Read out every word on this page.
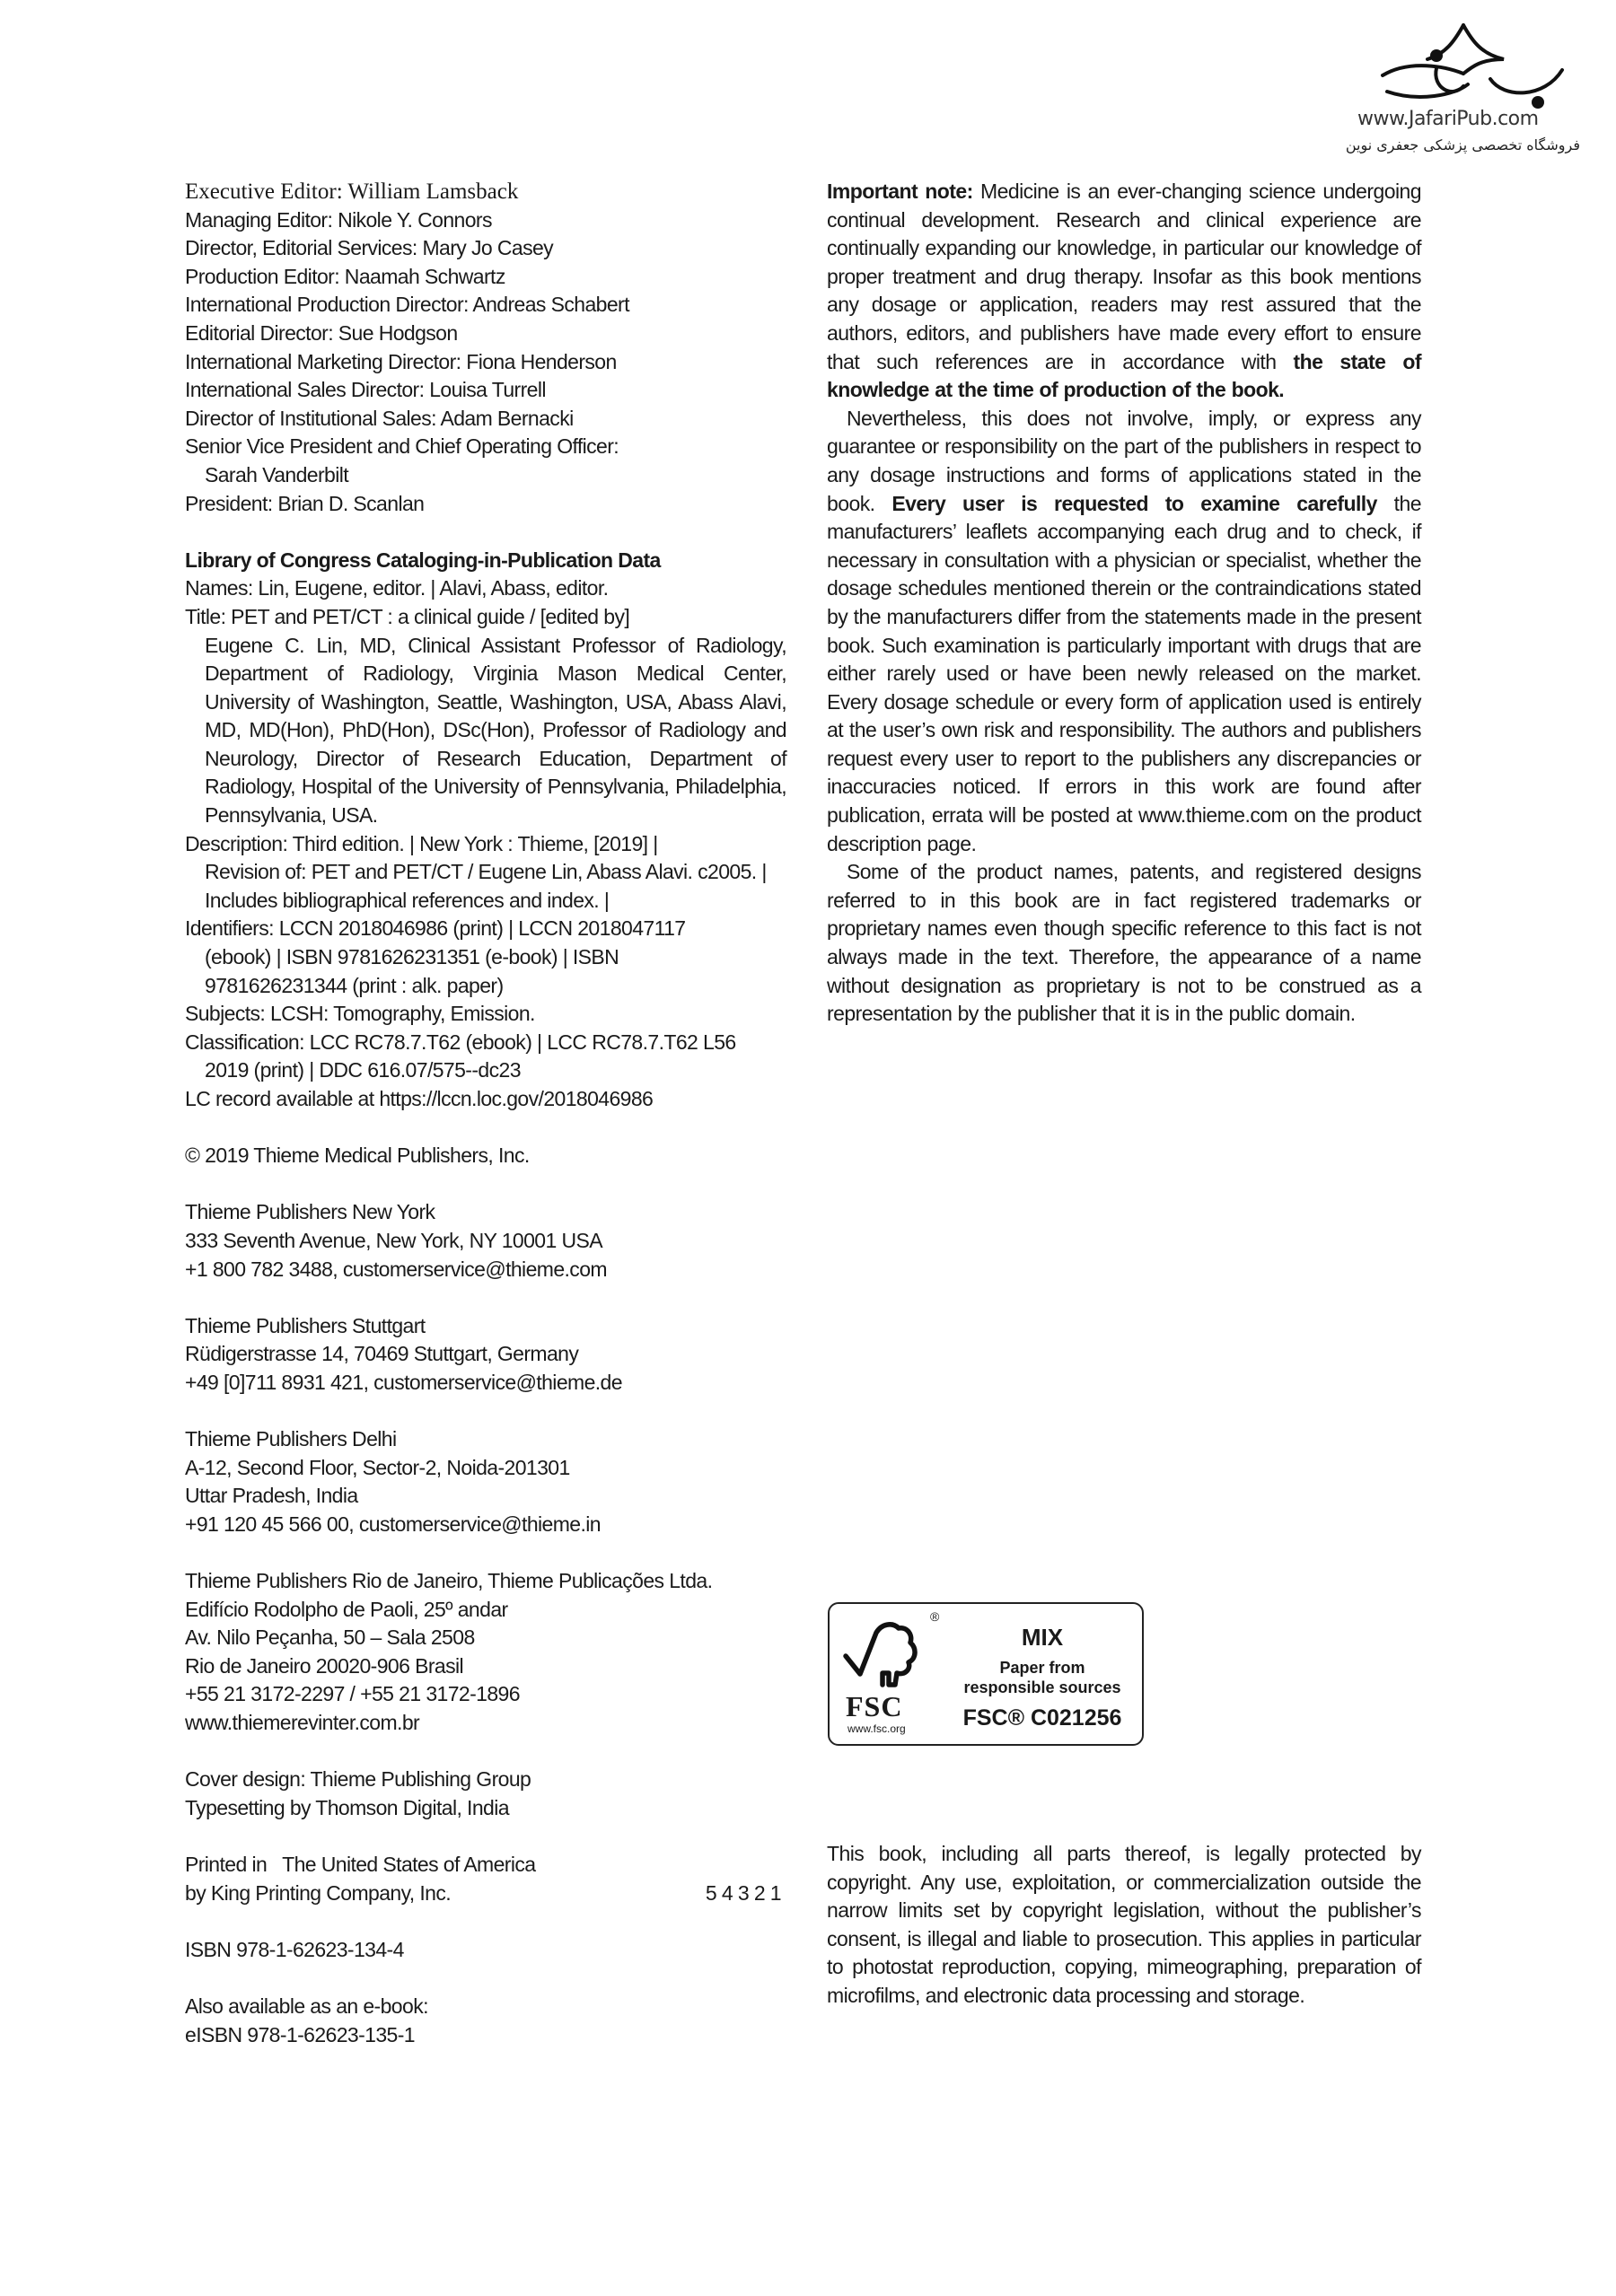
www.JafariPub.com
فروشگاه تخصصی پزشکی جعفری نوین
Executive Editor: William Lamsback
Managing Editor: Nikole Y. Connors
Director, Editorial Services: Mary Jo Casey
Production Editor: Naamah Schwartz
International Production Director: Andreas Schabert
Editorial Director: Sue Hodgson
International Marketing Director: Fiona Henderson
International Sales Director: Louisa Turrell
Director of Institutional Sales: Adam Bernacki
Senior Vice President and Chief Operating Officer:
Sarah Vanderbilt
President: Brian D. Scanlan
Library of Congress Cataloging-in-Publication Data
Names: Lin, Eugene, editor. | Alavi, Abass, editor.
Title: PET and PET/CT : a clinical guide / [edited by]
Eugene C. Lin, MD, Clinical Assistant Professor of Radiology, Department of Radiology, Virginia Mason Medical Center, University of Washington, Seattle, Washington, USA, Abass Alavi, MD, MD(Hon), PhD(Hon), DSc(Hon), Professor of Radiology and Neurology, Director of Research Education, Department of Radiology, Hospital of the University of Pennsylvania, Philadelphia, Pennsylvania, USA.
Description: Third edition. | New York : Thieme, [2019] |
Revision of: PET and PET/CT / Eugene Lin, Abass Alavi. c2005. | Includes bibliographical references and index. |
Identifiers: LCCN 2018046986 (print) | LCCN 2018047117
(ebook) | ISBN 9781626231351 (e-book) | ISBN
9781626231344 (print : alk. paper)
Subjects: LCSH: Tomography, Emission.
Classification: LCC RC78.7.T62 (ebook) | LCC RC78.7.T62 L56
2019 (print) | DDC 616.07/575--dc23
LC record available at https://lccn.loc.gov/2018046986
© 2019 Thieme Medical Publishers, Inc.
Thieme Publishers New York
333 Seventh Avenue, New York, NY 10001 USA
+1 800 782 3488, customerservice@thieme.com
Thieme Publishers Stuttgart
Rüdigerstrasse 14, 70469 Stuttgart, Germany
+49 [0]711 8931 421, customerservice@thieme.de
Thieme Publishers Delhi
A-12, Second Floor, Sector-2, Noida-201301
Uttar Pradesh, India
+91 120 45 566 00, customerservice@thieme.in
Thieme Publishers Rio de Janeiro, Thieme Publicações Ltda.
Edifício Rodolpho de Paoli, 25º andar
Av. Nilo Peçanha, 50 – Sala 2508
Rio de Janeiro 20020-906 Brasil
+55 21 3172-2297 / +55 21 3172-1896
www.thiemerevinter.com.br
Cover design: Thieme Publishing Group
Typesetting by Thomson Digital, India
Printed in   The United States of America
by King Printing Company, Inc.	5 4 3 2 1
ISBN 978-1-62623-134-4
Also available as an e-book:
eISBN 978-1-62623-135-1

Important note: Medicine is an ever-changing science undergoing continual development. Research and clinical experience are continually expanding our knowledge, in particular our knowledge of proper treatment and drug therapy. Insofar as this book mentions any dosage or application, readers may rest assured that the authors, editors, and publishers have made every effort to ensure that such references are in accordance with the state of knowledge at the time of production of the book.

Nevertheless, this does not involve, imply, or express any guarantee or responsibility on the part of the publishers in respect to any dosage instructions and forms of applications stated in the book. Every user is requested to examine carefully the manufacturers’ leaflets accompanying each drug and to check, if necessary in consultation with a physician or specialist, whether the dosage schedules mentioned therein or the contraindications stated by the manufacturers differ from the statements made in the present book. Such examination is particularly important with drugs that are either rarely used or have been newly released on the market. Every dosage schedule or every form of application used is entirely at the user’s own risk and responsibility. The authors and publishers request every user to report to the publishers any discrepancies or inaccuracies noticed. If errors in this work are found after publication, errata will be posted at www.thieme.com on the product description page.

Some of the product names, patents, and registered designs referred to in this book are in fact registered trademarks or proprietary names even though specific reference to this fact is not always made in the text. Therefore, the appearance of a name without designation as proprietary is not to be construed as a representation by the publisher that it is in the public domain.

®
FSC
www.fsc.org
MIX
Paper from
responsible sources
FSC® C021256

This book, including all parts thereof, is legally protected by copyright. Any use, exploitation, or commercialization outside the narrow limits set by copyright legislation, without the publisher’s consent, is illegal and liable to prosecution. This applies in particular to photostat reproduction, copying, mimeographing, preparation of microfilms, and electronic data processing and storage.
